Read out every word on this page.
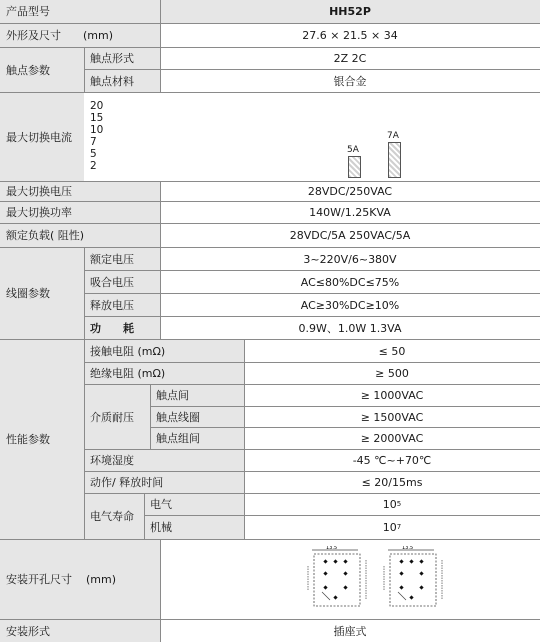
产品型号	HH52P
外形及尺寸 (mm)	27.6 × 21.5 × 34
触点参数
触点形式	2Z 2C
触点材料	银合金
最大切换电流
20
15
10
7
5
2
5A
7A
最大切换电压	28VDC/250VAC
最大切换功率	140W/1.25KVA
额定负载( 阻性)	28VDC/5A 250VAC/5A
线圈参数
额定电压	3~220V/6~380V
吸合电压	AC≤80%DC≤75%
释放电压	AC≥30%DC≥10%
功　　耗	0.9W、1.0W 1.3VA
性能参数
接触电阻 (mΩ)	≤ 50
绝缘电阻 (mΩ)	≥ 500
介质耐压
触点间	≥ 1000VAC
触点线圈	≥ 1500VAC
触点组间	≥ 2000VAC
环境湿度	-45 ℃~+70℃
动作/ 释放时间	≤ 20/15ms
电气寿命
电气	10 5
机械	10 7
安装开孔尺寸 (mm)
13.5	13.5
安装形式	插座式
